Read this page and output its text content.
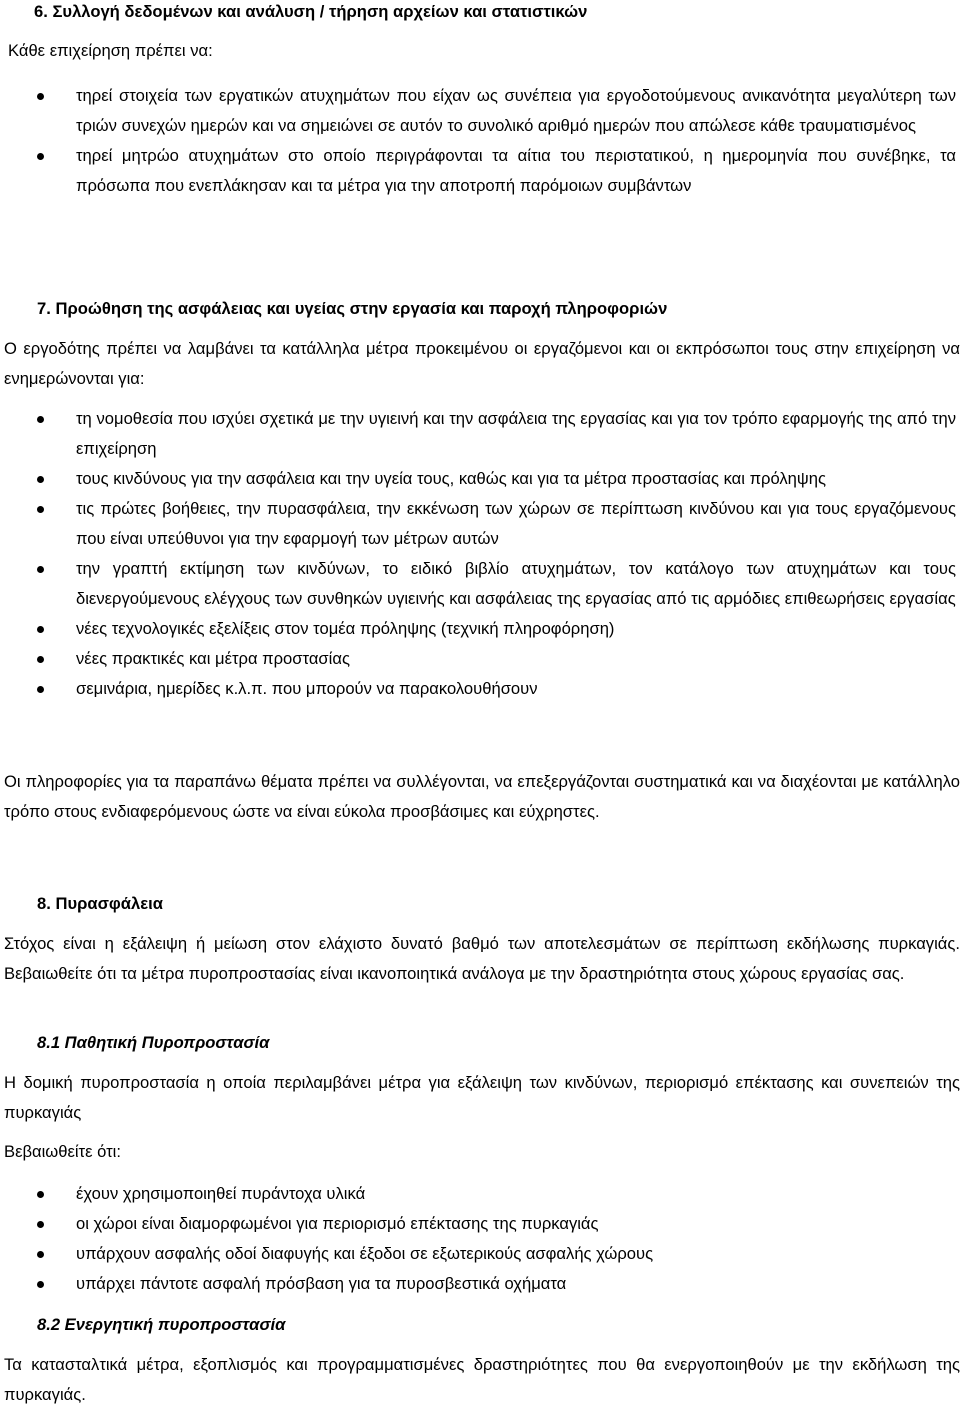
6. Συλλογή δεδομένων και ανάλυση / τήρηση αρχείων και στατιστικών
Κάθε επιχείρηση πρέπει να:
τηρεί στοιχεία των εργατικών ατυχημάτων που είχαν ως συνέπεια για εργοδοτούμενους ανικανότητα μεγαλύτερη των τριών συνεχών ημερών και να σημειώνει σε αυτόν το συνολικό αριθμό ημερών που απώλεσε κάθε τραυματισμένος
τηρεί μητρώο ατυχημάτων στο οποίο περιγράφονται τα αίτια του περιστατικού, η ημερομηνία που συνέβηκε, τα πρόσωπα που ενεπλάκησαν και τα μέτρα για την αποτροπή παρόμοιων συμβάντων
7. Προώθηση της ασφάλειας και υγείας στην εργασία και παροχή πληροφοριών
Ο εργοδότης πρέπει να λαμβάνει τα κατάλληλα μέτρα προκειμένου οι εργαζόμενοι και οι εκπρόσωποι τους στην επιχείρηση να ενημερώνονται για:
τη νομοθεσία που ισχύει σχετικά με την υγιεινή και την ασφάλεια της εργασίας και για τον τρόπο εφαρμογής της από την επιχείρηση
τους κινδύνους για την ασφάλεια και την υγεία τους, καθώς και για τα μέτρα προστασίας και πρόληψης
τις πρώτες βοήθειες, την πυρασφάλεια, την εκκένωση των χώρων σε περίπτωση κινδύνου και για τους εργαζόμενους που είναι υπεύθυνοι για την εφαρμογή των μέτρων αυτών
την γραπτή εκτίμηση των κινδύνων, το ειδικό βιβλίο ατυχημάτων, τον κατάλογο των ατυχημάτων και τους διενεργούμενους ελέγχους των συνθηκών υγιεινής και ασφάλειας της εργασίας από τις αρμόδιες επιθεωρήσεις εργασίας
νέες τεχνολογικές εξελίξεις στον τομέα πρόληψης (τεχνική πληροφόρηση)
νέες πρακτικές και μέτρα προστασίας
σεμινάρια, ημερίδες κ.λ.π. που μπορούν να παρακολουθήσουν
Οι πληροφορίες για τα παραπάνω θέματα πρέπει να συλλέγονται, να επεξεργάζονται συστηματικά και να διαχέονται με κατάλληλο τρόπο στους ενδιαφερόμενους ώστε να είναι εύκολα προσβάσιμες και εύχρηστες.
8. Πυρασφάλεια
Στόχος είναι η εξάλειψη ή μείωση στον ελάχιστο δυνατό βαθμό των αποτελεσμάτων σε περίπτωση εκδήλωσης πυρκαγιάς. Βεβαιωθείτε ότι τα μέτρα πυροπροστασίας είναι ικανοποιητικά ανάλογα με την δραστηριότητα στους χώρους εργασίας σας.
8.1 Παθητική Πυροπροστασία
Η δομική πυροπροστασία η οποία περιλαμβάνει μέτρα για εξάλειψη των κινδύνων, περιορισμό επέκτασης και συνεπειών της πυρκαγιάς
Βεβαιωθείτε ότι:
έχουν χρησιμοποιηθεί πυράντοχα υλικά
οι χώροι είναι διαμορφωμένοι για περιορισμό επέκτασης της πυρκαγιάς
υπάρχουν ασφαλής οδοί διαφυγής και έξοδοι σε εξωτερικούς ασφαλής χώρους
υπάρχει πάντοτε ασφαλή πρόσβαση για τα πυροσβεστικά οχήματα
8.2 Ενεργητική πυροπροστασία
Τα κατασταλτικά μέτρα, εξοπλισμός και προγραμματισμένες δραστηριότητες που θα ενεργοποιηθούν με την εκδήλωση της πυρκαγιάς.
